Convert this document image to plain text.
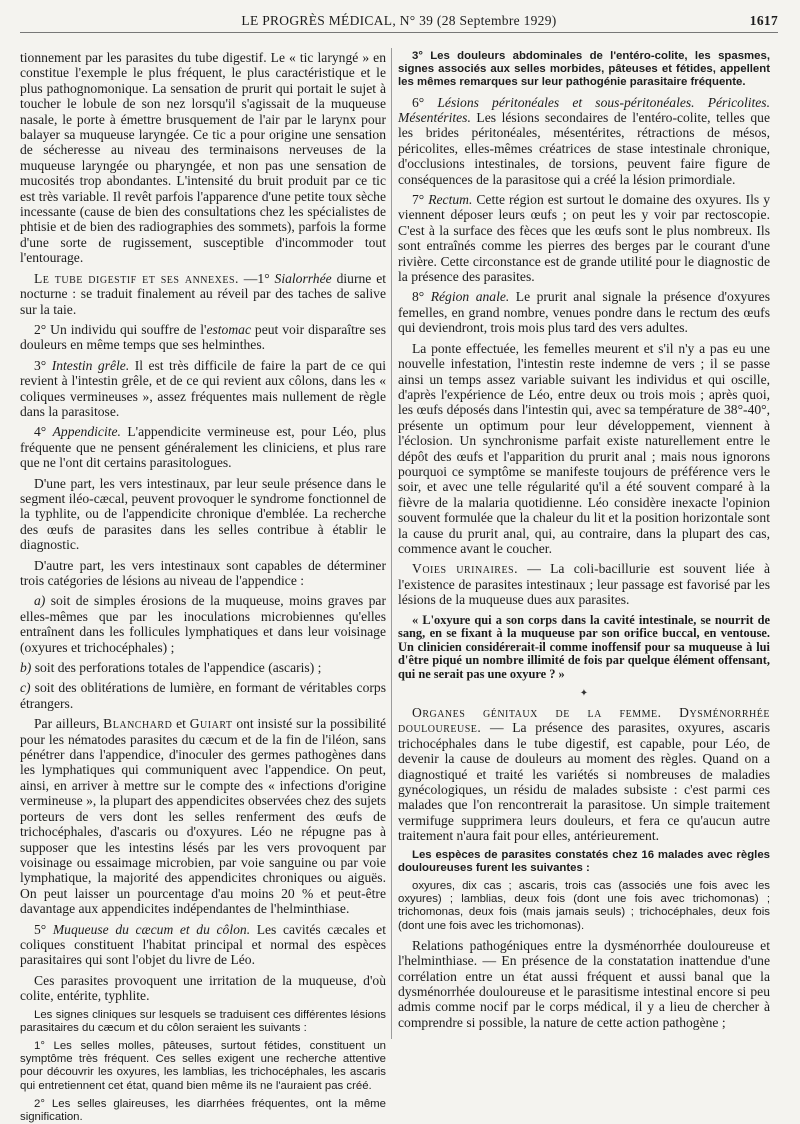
LE PROGRÈS MÉDICAL, N° 39 (28 Septembre 1929)	1617

tionnement par les parasites du tube digestif. Le « tic laryngé » en constitue l'exemple le plus fréquent, le plus caractéristique et le plus pathognomonique. La sensation de prurit qui portait le sujet à toucher le lobule de son nez lorsqu'il s'agissait de la muqueuse nasale, le porte à émettre brusquement de l'air par le larynx pour balayer sa muqueuse laryngée. Ce tic a pour origine une sensation de sécheresse au niveau des terminaisons nerveuses de la muqueuse laryngée ou pharyngée, et non pas une sensation de mucosités trop abondantes. L'intensité du bruit produit par ce tic est très variable. Il revêt parfois l'apparence d'une petite toux sèche incessante (cause de bien des consultations chez les spécialistes de phtisie et de bien des radiographies des sommets), parfois la forme d'une sorte de rugissement, susceptible d'incommoder tout l'entourage.

Le tube digestif et ses annexes. —1° Sialorrhée diurne et nocturne : se traduit finalement au réveil par des taches de salive sur la taie.

2° Un individu qui souffre de l'estomac peut voir disparaître ses douleurs en même temps que ses helminthes.

3° Intestin grêle. Il est très difficile de faire la part de ce qui revient à l'intestin grêle, et de ce qui revient aux côlons, dans les « coliques vermineuses », assez fréquentes mais nullement de règle dans la parasitose.

4° Appendicite. L'appendicite vermineuse est, pour Léo, plus fréquente que ne pensent généralement les cliniciens, et plus rare que ne l'ont dit certains parasitologues.

D'une part, les vers intestinaux, par leur seule présence dans le segment iléo-cæcal, peuvent provoquer le syndrome fonctionnel de la typhlite, ou de l'appendicite chronique d'emblée. La recherche des œufs de parasites dans les selles contribue à établir le diagnostic.

D'autre part, les vers intestinaux sont capables de déterminer trois catégories de lésions au niveau de l'appendice :

a) soit de simples érosions de la muqueuse, moins graves par elles-mêmes que par les inoculations microbiennes qu'elles entraînent dans les follicules lymphatiques et dans leur voisinage (oxyures et trichocéphales) ;

b) soit des perforations totales de l'appendice (ascaris) ;

c) soit des oblitérations de lumière, en formant de véritables corps étrangers.

Par ailleurs, Blanchard et Guiart ont insisté sur la possibilité pour les nématodes parasites du cæcum et de la fin de l'iléon, sans pénétrer dans l'appendice, d'inoculer des germes pathogènes dans les lymphatiques qui communiquent avec l'appendice. On peut, ainsi, en arriver à mettre sur le compte des « infections d'origine vermineuse », la plupart des appendicites observées chez des sujets porteurs de vers dont les selles renferment des œufs de trichocéphales, d'ascaris ou d'oxyures. Léo ne répugne pas à supposer que les intestins lésés par les vers provoquent par voisinage ou essaimage microbien, par voie sanguine ou par voie lymphatique, la majorité des appendicites chroniques ou aiguës. On peut laisser un pourcentage d'au moins 20 % et peut-être davantage aux appendicites indépendantes de l'helminthiase.

5° Muqueuse du cæcum et du côlon. Les cavités cæcales et coliques constituent l'habitat principal et normal des espèces parasitaires qui sont l'objet du livre de Léo.

Ces parasites provoquent une irritation de la muqueuse, d'où colite, entérite, typhlite.

Les signes cliniques sur lesquels se traduisent ces différentes lésions parasitaires du cæcum et du côlon seraient les suivants :

1° Les selles molles, pâteuses, surtout fétides, constituent un symptôme très fréquent. Ces selles exigent une recherche attentive pour découvrir les oxyures, les lamblias, les trichocéphales, les ascaris qui entretiennent cet état, quand bien même ils ne l'auraient pas créé.

2° Les selles glaireuses, les diarrhées fréquentes, ont la même signification.

3° Les douleurs abdominales de l'entéro-colite, les spasmes, signes associés aux selles morbides, pâteuses et fétides, appellent les mêmes remarques sur leur pathogénie parasitaire fréquente.

6° Lésions péritonéales et sous-péritonéales. Péricolites. Mésentérites. Les lésions secondaires de l'entéro-colite, telles que les brides péritonéales, mésentérites, rétractions de mésos, péricolites, elles-mêmes créatrices de stase intestinale chronique, d'occlusions intestinales, de torsions, peuvent faire figure de conséquences de la parasitose qui a créé la lésion primordiale.

7° Rectum. Cette région est surtout le domaine des oxyures. Ils y viennent déposer leurs œufs ; on peut les y voir par rectoscopie. C'est à la surface des fèces que les œufs sont le plus nombreux. Ils sont entraînés comme les pierres des berges par le courant d'une rivière. Cette circonstance est de grande utilité pour le diagnostic de la présence des parasites.

8° Région anale. Le prurit anal signale la présence d'oxyures femelles, en grand nombre, venues pondre dans le rectum des œufs qui deviendront, trois mois plus tard des vers adultes.

La ponte effectuée, les femelles meurent et s'il n'y a pas eu une nouvelle infestation, l'intestin reste indemne de vers ; il se passe ainsi un temps assez variable suivant les individus et qui oscille, d'après l'expérience de Léo, entre deux ou trois mois ; après quoi, les œufs déposés dans l'intestin qui, avec sa température de 38°-40°, présente un optimum pour leur développement, viennent à l'éclosion. Un synchronisme parfait existe naturellement entre le dépôt des œufs et l'apparition du prurit anal ; mais nous ignorons pourquoi ce symptôme se manifeste toujours de préférence vers le soir, et avec une telle régularité qu'il a été souvent comparé à la fièvre de la malaria quotidienne. Léo considère inexacte l'opinion souvent formulée que la chaleur du lit et la position horizontale sont la cause du prurit anal, qui, au contraire, dans la plupart des cas, commence avant le coucher.

Voies urinaires. — La coli-bacillurie est souvent liée à l'existence de parasites intestinaux ; leur passage est favorisé par les lésions de la muqueuse dues aux parasites.

« L'oxyure qui a son corps dans la cavité intestinale, se nourrit de sang, en se fixant à la muqueuse par son orifice buccal, en ventouse. Un clinicien considérerait-il comme inoffensif pour sa muqueuse à lui d'être piqué un nombre illimité de fois par quelque élément offensant, qui ne serait pas une oxyure ? »

✦

Organes génitaux de la femme. Dysménorrhée douloureuse. — La présence des parasites, oxyures, ascaris trichocéphales dans le tube digestif, est capable, pour Léo, de devenir la cause de douleurs au moment des règles. Quand on a diagnostiqué et traité les variétés si nombreuses de maladies gynécologiques, un résidu de malades subsiste : c'est parmi ces malades que l'on rencontrerait la parasitose. Un simple traitement vermifuge supprimera leurs douleurs, et fera ce qu'aucun autre traitement n'aura fait pour elles, antérieurement.

Les espèces de parasites constatés chez 16 malades avec règles douloureuses furent les suivantes :

oxyures, dix cas ; ascaris, trois cas (associés une fois avec les oxyures) ; lamblias, deux fois (dont une fois avec trichomonas) ; trichomonas, deux fois (mais jamais seuls) ; trichocéphales, deux fois (dont une fois avec les trichomonas).

Relations pathogéniques entre la dysménorrhée douloureuse et l'helminthiase. — En présence de la constatation inattendue d'une corrélation entre un état aussi fréquent et aussi banal que la dysménorrhée douloureuse et le parasitisme intestinal encore si peu admis comme nocif par le corps médical, il y a lieu de chercher à comprendre si possible, la nature de cette action pathogène ;
